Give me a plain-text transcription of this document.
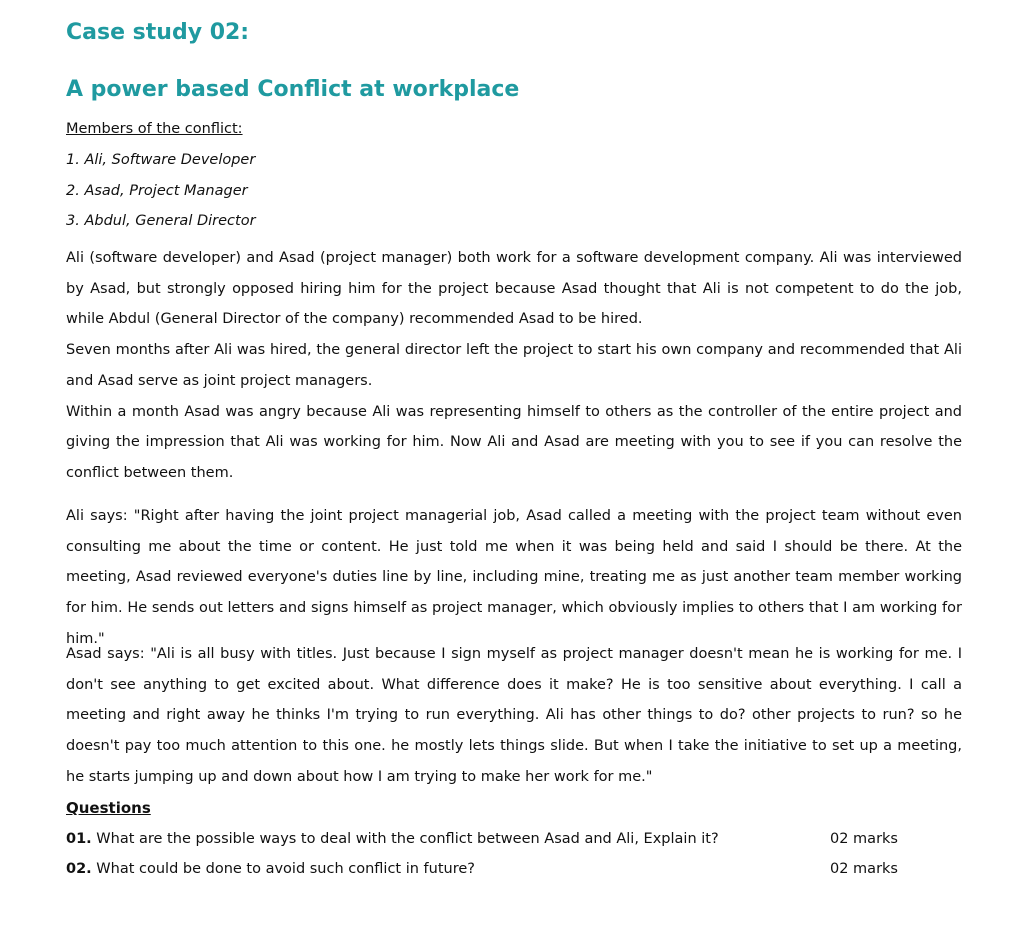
Case study 02:
A power based Conflict at workplace
Members of the conflict:
1. Ali, Software Developer
2. Asad, Project Manager
3. Abdul, General Director

Ali (software developer) and Asad (project manager) both work for a software development company. Ali was interviewed by Asad, but strongly opposed hiring him for the project because Asad thought that Ali is not competent to do the job, while Abdul (General Director of the company) recommended Asad to be hired.

Seven months after Ali was hired, the general director left the project to start his own company and recommended that Ali and Asad serve as joint project managers.

Within a month Asad was angry because Ali was representing himself to others as the controller of the entire project and giving the impression that Ali was working for him. Now Ali and Asad are meeting with you to see if you can resolve the conflict between them.

Ali says: "Right after having the joint project managerial job, Asad called a meeting with the project team without even consulting me about the time or content. He just told me when it was being held and said I should be there. At the meeting, Asad reviewed everyone's duties line by line, including mine, treating me as just another team member working for him. He sends out letters and signs himself as project manager, which obviously implies to others that I am working for him."

Asad says: "Ali is all busy with titles. Just because I sign myself as project manager doesn't mean he is working for me. I don't see anything to get excited about. What difference does it make? He is too sensitive about everything. I call a meeting and right away he thinks I'm trying to run everything. Ali has other things to do? other projects to run? so he doesn't pay too much attention to this one. he mostly lets things slide. But when I take the initiative to set up a meeting, he starts jumping up and down about how I am trying to make her work for me."

Questions
01. What are the possible ways to deal with the conflict between Asad and Ali, Explain it?	02 marks
02. What could be done to avoid such conflict in future?	02 marks
